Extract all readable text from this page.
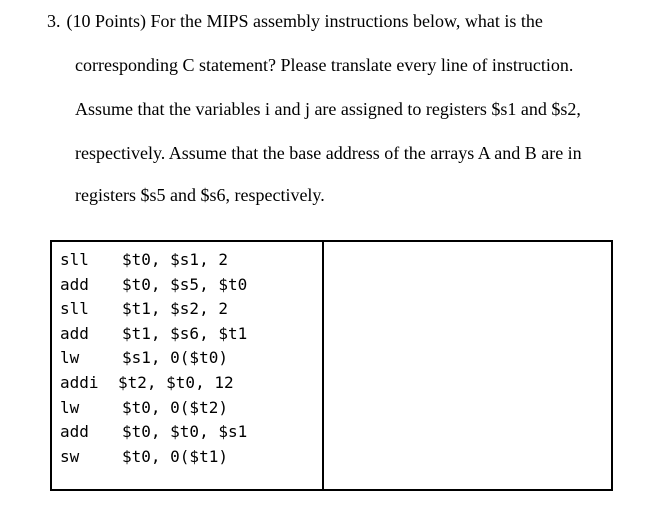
3. (10 Points) For the MIPS assembly instructions below, what is the
corresponding C statement? Please translate every line of instruction.
Assume that the variables i and j are assigned to registers $s1 and $s2,
respectively. Assume that the base address of the arrays A and B are in
registers $s5 and $s6, respectively.
sll	$t0, $s1, 2
add	$t0, $s5, $t0
sll	$t1, $s2, 2
add	$t1, $s6, $t1
lw	$s1, 0($t0)
addi	$t2, $t0, 12
lw	$t0, 0($t2)
add	$t0, $t0, $s1
sw	$t0, 0($t1)
